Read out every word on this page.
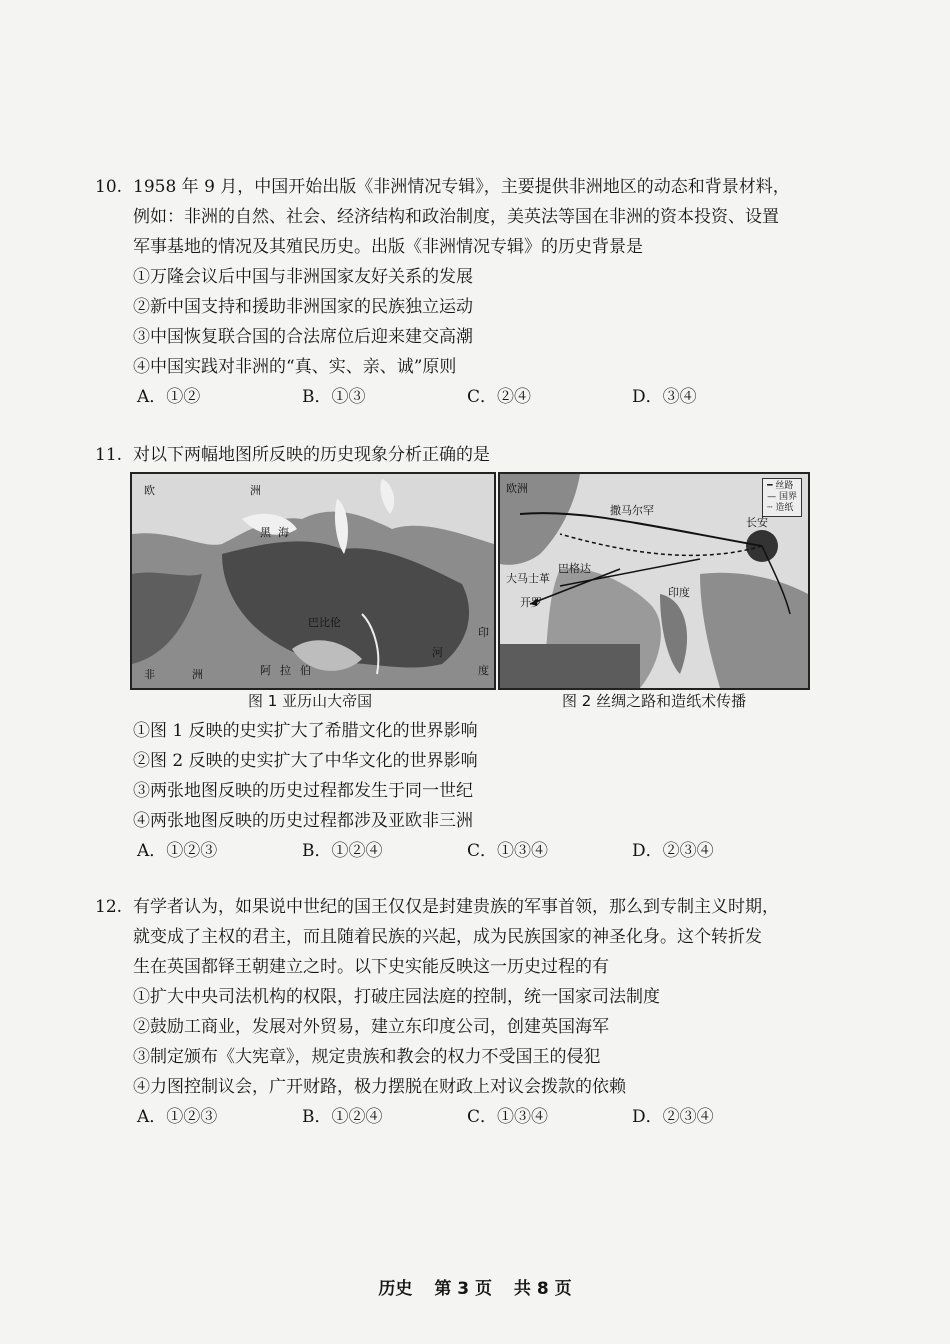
10. 1958 年 9 月，中国开始出版《非洲情况专辑》，主要提供非洲地区的动态和背景材料，
例如：非洲的自然、社会、经济结构和政治制度，美英法等国在非洲的资本投资、设置
军事基地的情况及其殖民历史。出版《非洲情况专辑》的历史背景是
①万隆会议后中国与非洲国家友好关系的发展
②新中国支持和援助非洲国家的民族独立运动
③中国恢复联合国的合法席位后迎来建交高潮
④中国实践对非洲的“真、实、亲、诚”原则
A．①②	B．①③	C．②④	D．③④
11. 对以下两幅地图所反映的历史现象分析正确的是
欧	洲
黑 海
巴比伦
阿 拉 伯
印
度
河
非	洲
━ 丝路
— 国界
┄ 造纸
欧洲
撒马尔罕
长安
巴格达
大马士革
开罗
印度
图 1 亚历山大帝国	图 2 丝绸之路和造纸术传播
①图 1 反映的史实扩大了希腊文化的世界影响
②图 2 反映的史实扩大了中华文化的世界影响
③两张地图反映的历史过程都发生于同一世纪
④两张地图反映的历史过程都涉及亚欧非三洲
A．①②③	B．①②④	C．①③④	D．②③④
12. 有学者认为，如果说中世纪的国王仅仅是封建贵族的军事首领，那么到专制主义时期，
就变成了主权的君主，而且随着民族的兴起，成为民族国家的神圣化身。这个转折发
生在英国都铎王朝建立之时。以下史实能反映这一历史过程的有
①扩大中央司法机构的权限，打破庄园法庭的控制，统一国家司法制度
②鼓励工商业，发展对外贸易，建立东印度公司，创建英国海军
③制定颁布《大宪章》，规定贵族和教会的权力不受国王的侵犯
④力图控制议会，广开财路，极力摆脱在财政上对议会拨款的依赖
A．①②③	B．①②④	C．①③④	D．②③④
历史 第 3 页 共 8 页
